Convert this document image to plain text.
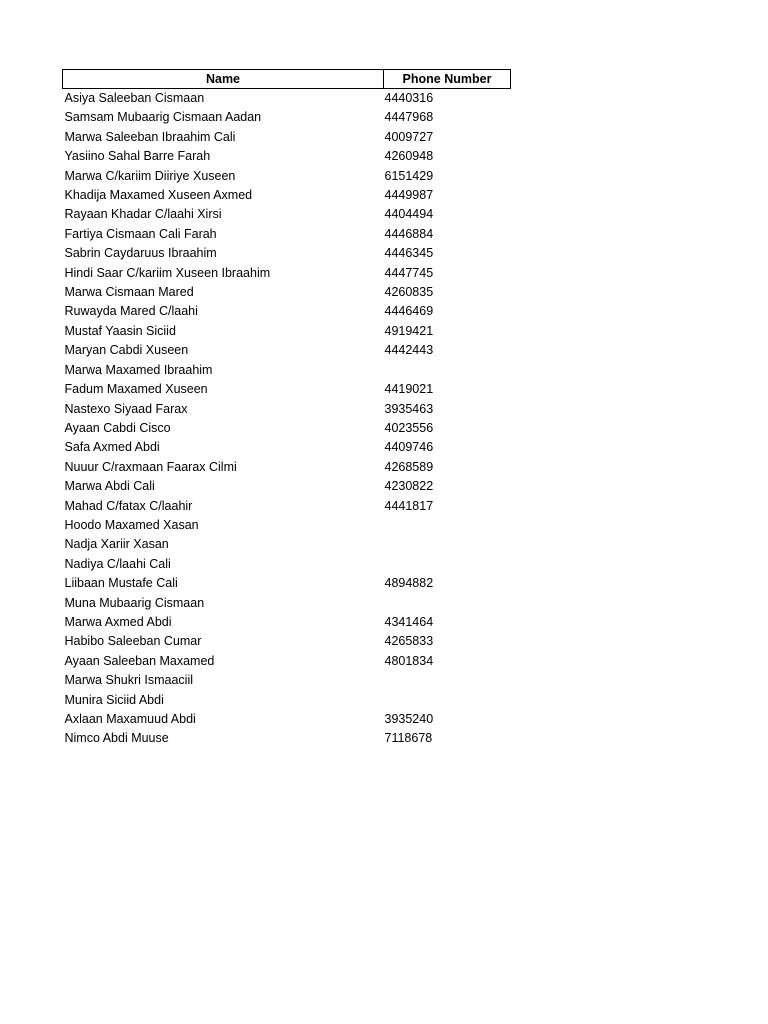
Name	Phone Number
Asiya Saleeban Cismaan	4440316
Samsam Mubaarig Cismaan Aadan	4447968
Marwa Saleeban Ibraahim Cali	4009727
Yasiino Sahal Barre Farah	4260948
Marwa C/kariim Diiriye Xuseen	6151429
Khadija Maxamed Xuseen Axmed	4449987
Rayaan Khadar C/laahi Xirsi	4404494
Fartiya Cismaan Cali Farah	4446884
Sabrin Caydaruus Ibraahim	4446345
Hindi Saar C/kariim Xuseen Ibraahim	4447745
Marwa Cismaan Mared	4260835
Ruwayda Mared C/laahi	4446469
Mustaf Yaasin Siciid	4919421
Maryan Cabdi Xuseen	4442443
Marwa Maxamed Ibraahim	
Fadum Maxamed Xuseen	4419021
Nastexo Siyaad Farax	3935463
Ayaan Cabdi Cisco	4023556
Safa Axmed Abdi	4409746
Nuuur C/raxmaan Faarax Cilmi	4268589
Marwa Abdi Cali	4230822
Mahad C/fatax C/laahir	4441817
Hoodo Maxamed Xasan	
Nadja Xariir Xasan	
Nadiya C/laahi Cali	
Liibaan Mustafe Cali	4894882
Muna Mubaarig Cismaan	
Marwa Axmed Abdi	4341464
Habibo Saleeban Cumar	4265833
Ayaan Saleeban Maxamed	4801834
Marwa Shukri Ismaaciil	
Munira Siciid Abdi	
Axlaan Maxamuud Abdi	3935240
Nimco Abdi Muuse	7118678
